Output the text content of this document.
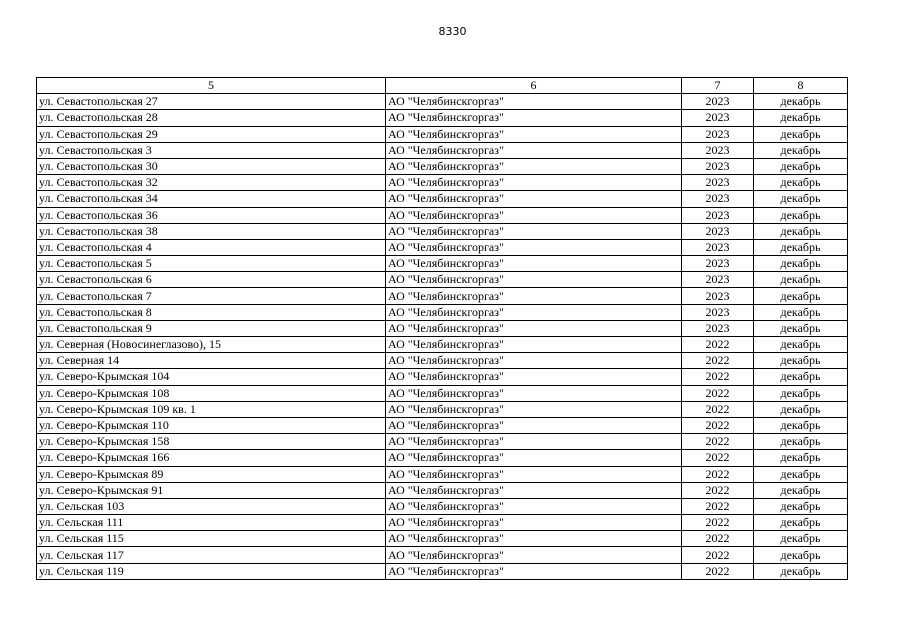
8330
5	6	7	8
ул. Севастопольская 27	АО "Челябинскгоргаз"	2023	декабрь
ул. Севастопольская 28	АО "Челябинскгоргаз"	2023	декабрь
ул. Севастопольская 29	АО "Челябинскгоргаз"	2023	декабрь
ул. Севастопольская 3	АО "Челябинскгоргаз"	2023	декабрь
ул. Севастопольская 30	АО "Челябинскгоргаз"	2023	декабрь
ул. Севастопольская 32	АО "Челябинскгоргаз"	2023	декабрь
ул. Севастопольская 34	АО "Челябинскгоргаз"	2023	декабрь
ул. Севастопольская 36	АО "Челябинскгоргаз"	2023	декабрь
ул. Севастопольская 38	АО "Челябинскгоргаз"	2023	декабрь
ул. Севастопольская 4	АО "Челябинскгоргаз"	2023	декабрь
ул. Севастопольская 5	АО "Челябинскгоргаз"	2023	декабрь
ул. Севастопольская 6	АО "Челябинскгоргаз"	2023	декабрь
ул. Севастопольская 7	АО "Челябинскгоргаз"	2023	декабрь
ул. Севастопольская 8	АО "Челябинскгоргаз"	2023	декабрь
ул. Севастопольская 9	АО "Челябинскгоргаз"	2023	декабрь
ул. Северная (Новосинеглазово), 15	АО "Челябинскгоргаз"	2022	декабрь
ул. Северная 14	АО "Челябинскгоргаз"	2022	декабрь
ул. Северо-Крымская 104	АО "Челябинскгоргаз"	2022	декабрь
ул. Северо-Крымская 108	АО "Челябинскгоргаз"	2022	декабрь
ул. Северо-Крымская 109 кв. 1	АО "Челябинскгоргаз"	2022	декабрь
ул. Северо-Крымская 110	АО "Челябинскгоргаз"	2022	декабрь
ул. Северо-Крымская 158	АО "Челябинскгоргаз"	2022	декабрь
ул. Северо-Крымская 166	АО "Челябинскгоргаз"	2022	декабрь
ул. Северо-Крымская 89	АО "Челябинскгоргаз"	2022	декабрь
ул. Северо-Крымская 91	АО "Челябинскгоргаз"	2022	декабрь
ул. Сельская 103	АО "Челябинскгоргаз"	2022	декабрь
ул. Сельская 111	АО "Челябинскгоргаз"	2022	декабрь
ул. Сельская 115	АО "Челябинскгоргаз"	2022	декабрь
ул. Сельская 117	АО "Челябинскгоргаз"	2022	декабрь
ул. Сельская 119	АО "Челябинскгоргаз"	2022	декабрь
